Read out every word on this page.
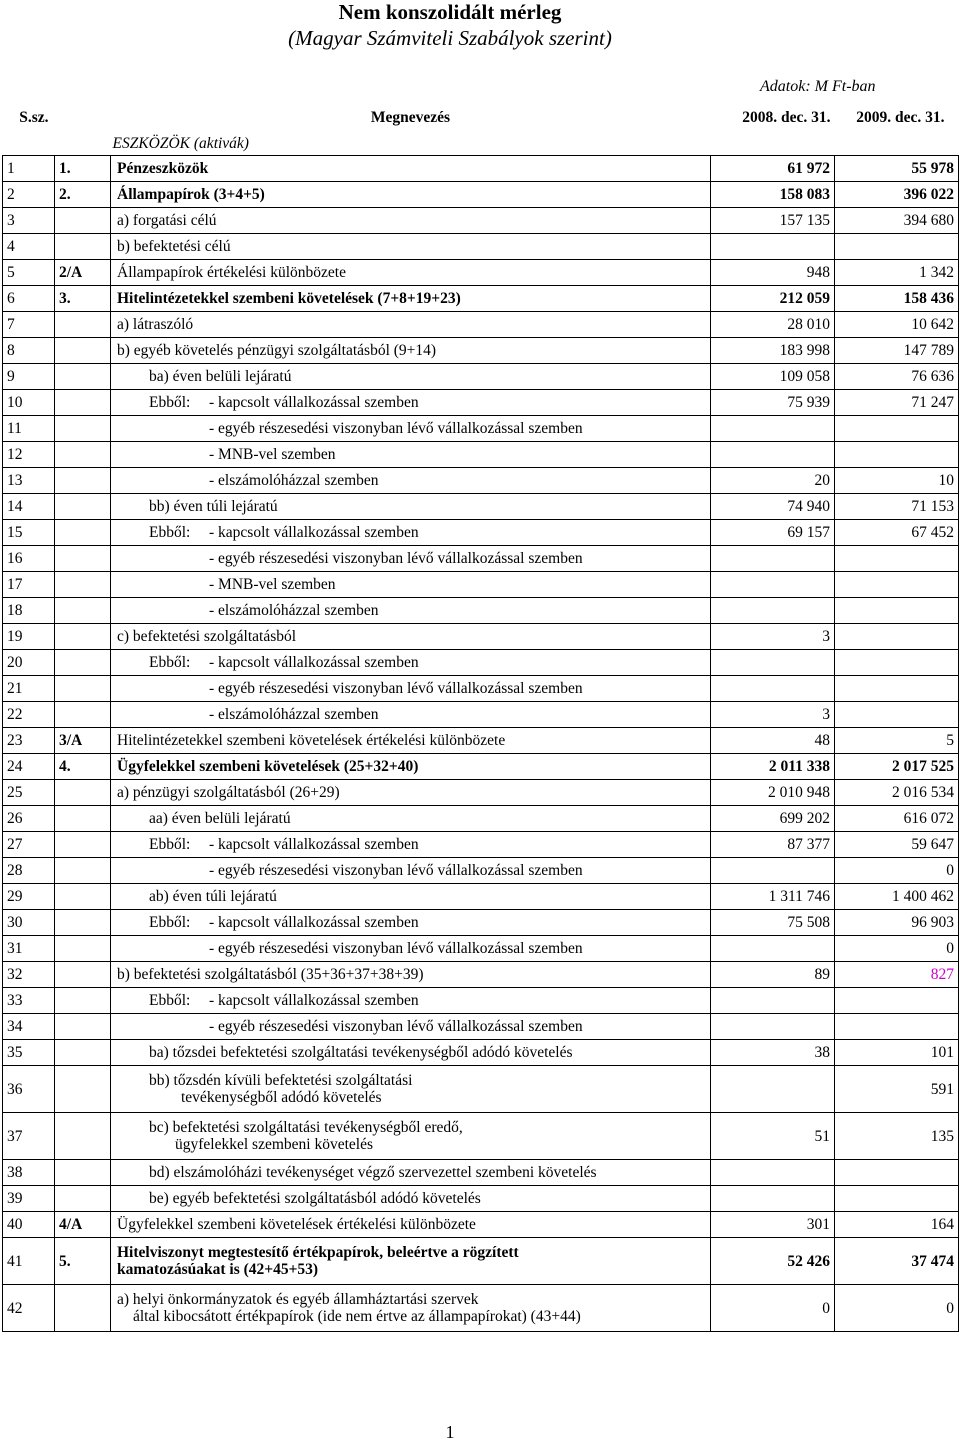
Nem konszolidált mérleg
(Magyar Számviteli Szabályok szerint)
Adatok: M Ft-ban
S.sz.	Megnevezés		2008. dec. 31.	2009. dec. 31.
		ESZKÖZÖK (aktivák)		
1	1.	Pénzeszközök	61 972	55 978
2	2.	Állampapírok (3+4+5)	158 083	396 022
3		a) forgatási célú	157 135	394 680
4		b) befektetési célú		

5	2/A	Állampapírok értékelési különbözete	948	1 342
6	3.	Hitelintézetekkel szembeni követelések (7+8+19+23)	212 059	158 436
7		a) látraszóló	28 010	10 642
8		b) egyéb követelés pénzügyi szolgáltatásból (9+14)	183 998	147 789
9		ba) éven belüli lejáratú	109 058	76 636
10		Ebből: - kapcsolt vállalkozással szemben	75 939	71 247
11		- egyéb részesedési viszonyban lévő vállalkozással szemben		

12		- MNB-vel szemben		

13		- elszámolóházzal szemben	20	10
14		bb) éven túli lejáratú	74 940	71 153
15		Ebből: - kapcsolt vállalkozással szemben	69 157	67 452
16		- egyéb részesedési viszonyban lévő vállalkozással szemben		

17		- MNB-vel szemben		

18		- elszámolóházzal szemben		

19		c) befektetési szolgáltatásból	3	
20		Ebből: - kapcsolt vállalkozással szemben		

21		- egyéb részesedési viszonyban lévő vállalkozással szemben		

22		- elszámolóházzal szemben	3	
23	3/A	Hitelintézetekkel szembeni követelések értékelési különbözete	48	5
24	4.	Ügyfelekkel szembeni követelések (25+32+40)	2 011 338	2 017 525
25		a) pénzügyi szolgáltatásból (26+29)	2 010 948	2 016 534
26		aa) éven belüli lejáratú	699 202	616 072
27		Ebből: - kapcsolt vállalkozással szemben	87 377	59 647
28		- egyéb részesedési viszonyban lévő vállalkozással szemben		0
29		ab) éven túli lejáratú	1 311 746	1 400 462
30		Ebből: - kapcsolt vállalkozással szemben	75 508	96 903
31		- egyéb részesedési viszonyban lévő vállalkozással szemben		0
32		b) befektetési szolgáltatásból (35+36+37+38+39)	89	827
33		Ebből: - kapcsolt vállalkozással szemben		

34		- egyéb részesedési viszonyban lévő vállalkozással szemben		

35		ba) tőzsdei befektetési szolgáltatási tevékenységből adódó követelés	38	101
36		bb) tőzsdén kívüli befektetési szolgáltatási
tevékenységből adódó követelés		591
37		bc) befektetési szolgáltatási tevékenységből eredő,
ügyfelekkel szembeni követelés	51	135
38		bd) elszámolóházi tevékenységet végző szervezettel szembeni követelés		

39		be) egyéb befektetési szolgáltatásból adódó követelés		

40	4/A	Ügyfelekkel szembeni követelések értékelési különbözete	301	164
41	5.	Hitelviszonyt megtestesítő értékpapírok, beleértve a rögzített
kamatozásúakat is (42+45+53)	52 426	37 474
42		a) helyi önkormányzatok és egyéb államháztartási szervek
által kibocsátott értékpapírok (ide nem értve az állampapírokat) (43+44)	0	0
1
